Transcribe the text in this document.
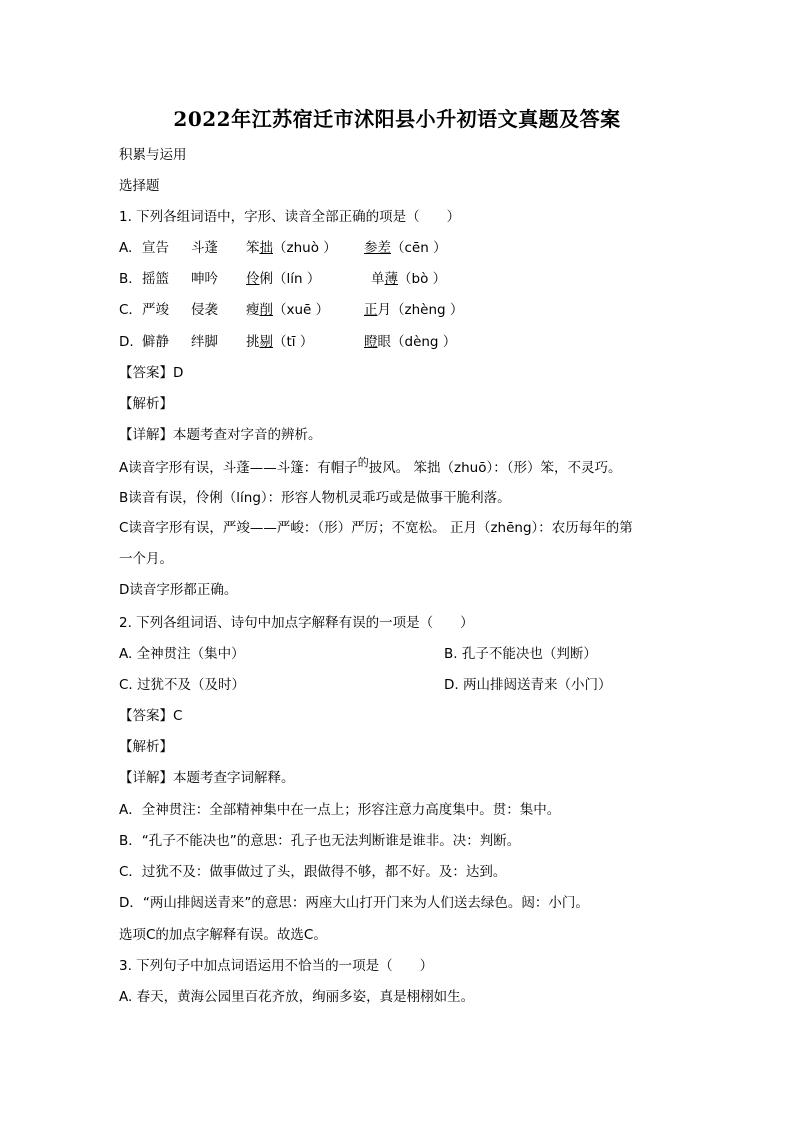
2022年江苏宿迁市沭阳县小升初语文真题及答案
积累与运用
选择题
1. 下列各组词语中，字形、读音全部正确的项是（　　）
A. 宣告 斗蓬 笨拙（zhuò ） 参差（cēn ）
B. 摇篮 呻吟 伶俐（lín ）	单薄（bò ）
C. 严竣 侵袭 瘦削（xuē ）	正月（zhèng ）
D. 僻静 绊脚 挑剔（tī ）	瞪眼（dèng ）
【答案】D
【解析】
【详解】本题考查对字音的辨析。
A读音字形有误，斗蓬——斗篷：有帽子$^的$披风。 笨拙（zhuō）：（形）笨，不灵巧。
B读音有误，伶俐（líng）：形容人物机灵乖巧或是做事干脆利落。
C读音字形有误，严竣——严峻：（形）严厉；不宽松。 正月（zhēng）：农历每年的第
一个月。
D读音字形都正确。
2. 下列各组词语、诗句中加点字解释有误的一项是（　　）
A. 全神贯注（集中）	B. 孔子不能决也（判断）
C. 过犹不及（及时）	D. 两山排闼送青来（小门）
【答案】C
【解析】
【详解】本题考查字词解释。
A．全神贯注：全部精神集中在一点上；形容注意力高度集中。贯：集中。
B．“孔子不能决也”的意思：孔子也无法判断谁是谁非。决：判断。
C．过犹不及：做事做过了头，跟做得不够，都不好。及：达到。
D．“两山排闼送青来”的意思：两座大山打开门来为人们送去绿色。闼：小门。
选项C的加点字解释有误。故选C。
3. 下列句子中加点词语运用不恰当的一项是（　　）
A. 春天，黄海公园里百花齐放，绚丽多姿，真是栩栩如生。
